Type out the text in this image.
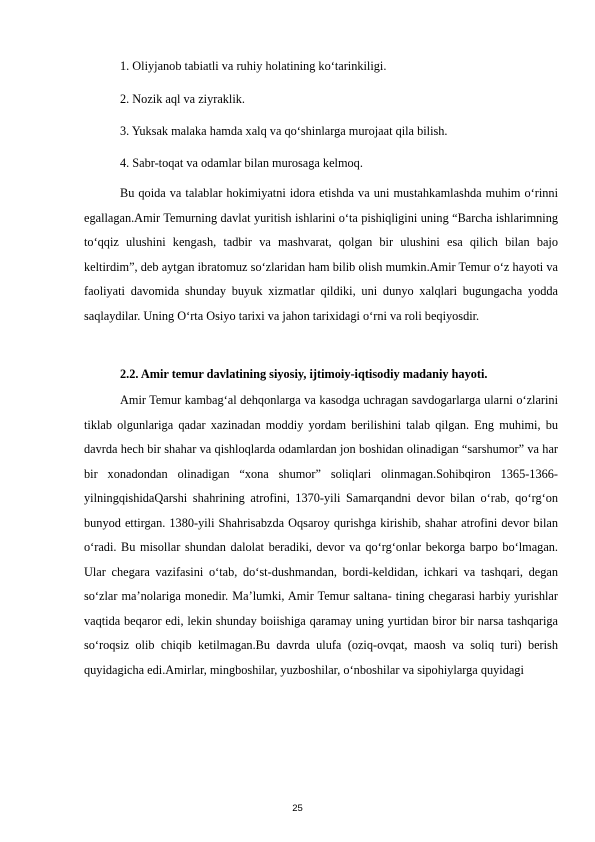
1. Oliyjanob tabiatli va ruhiy holatining ko‘tarinkiligi.
2. Nozik aql va ziyraklik.
3. Yuksak malaka hamda xalq va qo‘shinlarga murojaat qila bilish.
4. Sabr-toqat va odamlar bilan murosaga kelmoq.

Bu qoida va talablar hokimiyatni idora etishda va uni mustahkamlashda muhim o‘rinni egallagan.Amir Temurning davlat yuritish ishlarini o‘ta pishiqligini uning “Barcha ishlarimning to‘qqiz ulushini kengash, tadbir va mashvarat, qolgan bir ulushini esa qilich bilan bajo keltirdim”, deb aytgan ibratomuz so‘zlaridan ham bilib olish mumkin.Amir Temur o‘z hayoti va faoliyati davomida shunday buyuk xizmatlar qildiki, uni dunyo xalqlari bugungacha yodda saqlaydilar. Uning O‘rta Osiyo tarixi va jahon tarixidagi o‘rni va roli beqiyosdir.

2.2. Amir temur davlatining siyosiy, ijtimoiy-iqtisodiy madaniy hayoti.

Amir Temur kambag‘al dehqonlarga va kasodga uchragan savdogarlarga ularni o‘zlarini tiklab olgunlariga qadar xazinadan moddiy yordam berilishini talab qilgan. Eng muhimi, bu davrda hech bir shahar va qishloqlarda odamlardan jon boshidan olinadigan “sarshumor” va har bir xonadondan olinadigan “xona shumor” soliqlari olinmagan.Sohibqiron 1365-1366-yilningqishidaQarshi shahrining atrofini, 1370-yili Samarqandni devor bilan o‘rab, qo‘rg‘on bunyod ettirgan. 1380-yili Shahrisabzda Oqsaroy qurishga kirishib, shahar atrofini devor bilan o‘radi. Bu misollar shundan dalolat beradiki, devor va qo‘rg‘onlar bekorga barpo bo‘lmagan. Ular chegara vazifasini o‘tab, do‘st-dushmandan, bordi-keldidan, ichkari va tashqari, degan so‘zlar ma’nolariga monedir. Ma’lumki, Amir Temur saltana- tining chegarasi harbiy yurishlar vaqtida beqaror edi, lekin shunday boiishiga qaramay uning yurtidan biror bir narsa tashqariga so‘roqsiz olib chiqib ketilmagan.Bu davrda ulufa (oziq-ovqat, maosh va soliq turi) berish quyidagicha edi.Amirlar, mingboshilar, yuzboshilar, o‘nboshilar va sipohiylarga quyidagi

25
